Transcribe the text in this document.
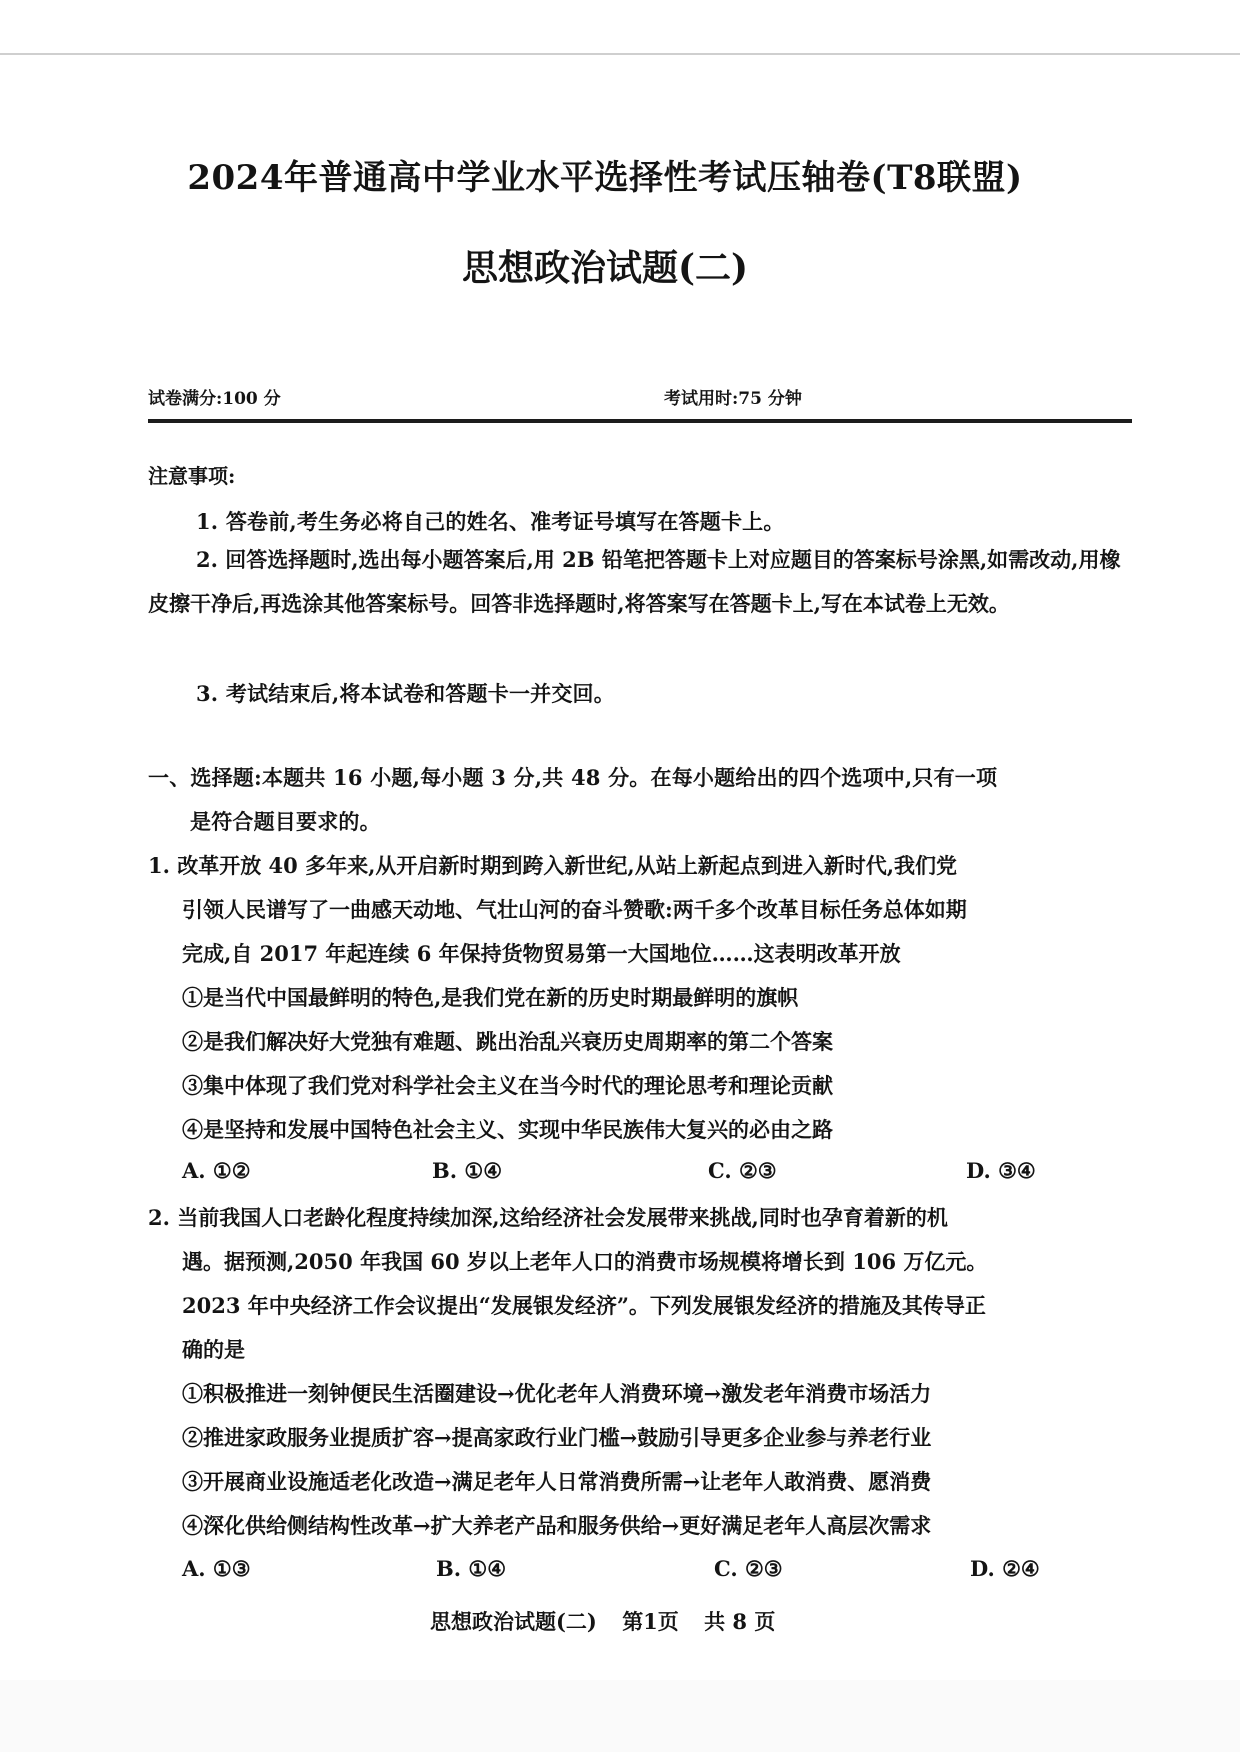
2024年普通高中学业水平选择性考试压轴卷(T8联盟)
思想政治试题(二)
试卷满分:100 分	考试用时:75 分钟
注意事项:
1. 答卷前,考生务必将自己的姓名、准考证号填写在答题卡上。
2. 回答选择题时,选出每小题答案后,用 2B 铅笔把答题卡上对应题目的答案标号涂黑,如需改动,用橡皮擦干净后,再选涂其他答案标号。回答非选择题时,将答案写在答题卡上,写在本试卷上无效。
3. 考试结束后,将本试卷和答题卡一并交回。
一、选择题:本题共 16 小题,每小题 3 分,共 48 分。在每小题给出的四个选项中,只有一项
是符合题目要求的。
1. 改革开放 40 多年来,从开启新时期到跨入新世纪,从站上新起点到进入新时代,我们党
引领人民谱写了一曲感天动地、气壮山河的奋斗赞歌:两千多个改革目标任务总体如期
完成,自 2017 年起连续 6 年保持货物贸易第一大国地位……这表明改革开放
①是当代中国最鲜明的特色,是我们党在新的历史时期最鲜明的旗帜
②是我们解决好大党独有难题、跳出治乱兴衰历史周期率的第二个答案
③集中体现了我们党对科学社会主义在当今时代的理论思考和理论贡献
④是坚持和发展中国特色社会主义、实现中华民族伟大复兴的必由之路
A. ①②	B. ①④	C. ②③	D. ③④
2. 当前我国人口老龄化程度持续加深,这给经济社会发展带来挑战,同时也孕育着新的机
遇。据预测,2050 年我国 60 岁以上老年人口的消费市场规模将增长到 106 万亿元。
2023 年中央经济工作会议提出“发展银发经济”。下列发展银发经济的措施及其传导正
确的是
①积极推进一刻钟便民生活圈建设→优化老年人消费环境→激发老年消费市场活力
②推进家政服务业提质扩容→提高家政行业门槛→鼓励引导更多企业参与养老行业
③开展商业设施适老化改造→满足老年人日常消费所需→让老年人敢消费、愿消费
④深化供给侧结构性改革→扩大养老产品和服务供给→更好满足老年人高层次需求
A. ①③	B. ①④	C. ②③	D. ②④
思想政治试题(二) 第1页 共 8 页
